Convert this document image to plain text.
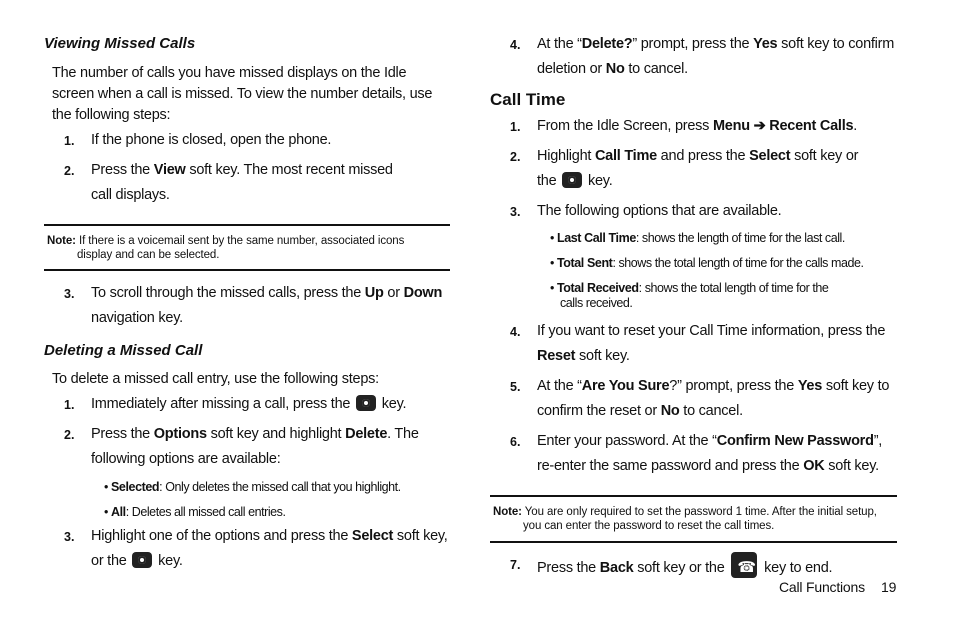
Viewing Missed Calls
The number of calls you have missed displays on the Idle screen when a call is missed. To view the number details, use the following steps:
1. If the phone is closed, open the phone.
2. Press the View soft key. The most recent missed
call displays.
Note: If there is a voicemail sent by the same number, associated icons
display and can be selected.
3. To scroll through the missed calls, press the Up or Down
navigation key.
Deleting a Missed Call
To delete a missed call entry, use the following steps:
1. Immediately after missing a call, press the key.
2. Press the Options soft key and highlight Delete. The
following options are available:
• Selected: Only deletes the missed call that you highlight.
• All: Deletes all missed call entries.
3. Highlight one of the options and press the Select soft key,
or the key.
4. At the “Delete?” prompt, press the Yes soft key to confirm
deletion or No to cancel.
Call Time
1. From the Idle Screen, press Menu ➔ Recent Calls.
2. Highlight Call Time and press the Select soft key or
the key.
3. The following options that are available.
• Last Call Time: shows the length of time for the last call.
• Total Sent: shows the total length of time for the calls made.
• Total Received: shows the total length of time for the
calls received.
4. If you want to reset your Call Time information, press the
Reset soft key.
5. At the “Are You Sure?” prompt, press the Yes soft key to
confirm the reset or No to cancel.
6. Enter your password. At the “Confirm New Password”,
re-enter the same password and press the OK soft key.
Note: You are only required to set the password 1 time. After the initial setup,
you can enter the password to reset the call times.
7. Press the Back soft key or the ☎	key to end.
Call Functions 19
